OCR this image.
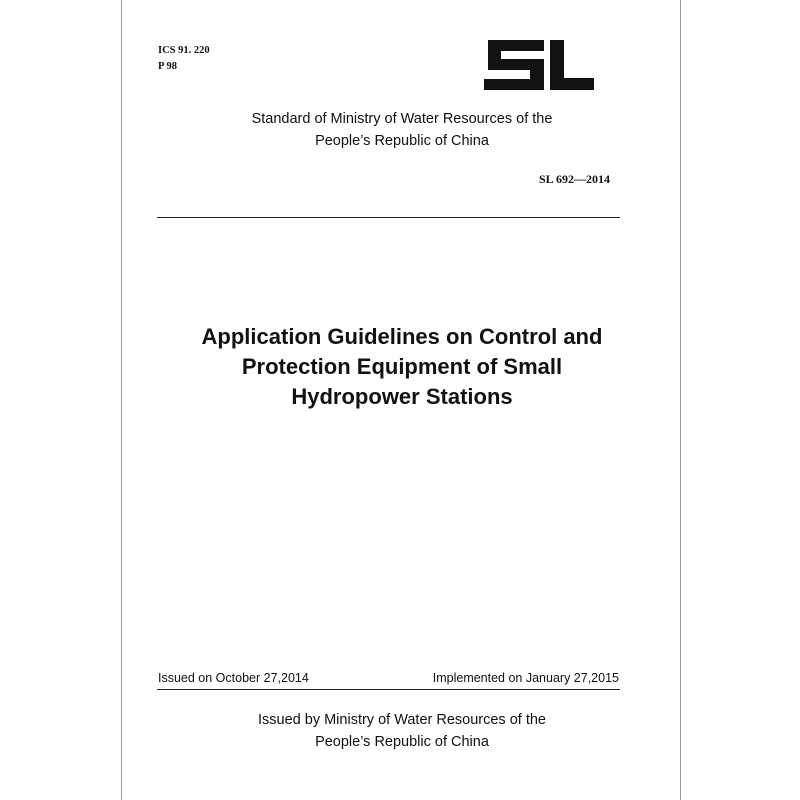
ICS 91. 220
P 98
Standard of Ministry of Water Resources of the
People’s Republic of China
SL 692—2014
Application Guidelines on Control and
Protection Equipment of Small
Hydropower Stations
Issued on October 27,2014	Implemented on January 27,2015
Issued by Ministry of Water Resources of the
People’s Republic of China
